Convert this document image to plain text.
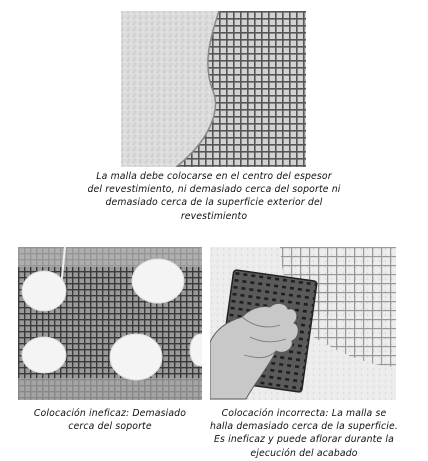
La malla debe colocarse en el centro del espesor
del revestimiento, ni demasiado cerca del soporte ni
demasiado cerca de la superficie exterior del
revestimiento
Colocación ineficaz: Demasiado
cerca del soporte
Colocación incorrecta: La malla se
halla demasiado cerca de la superficie.
Es ineficaz y puede aflorar durante la
ejecución del acabado
